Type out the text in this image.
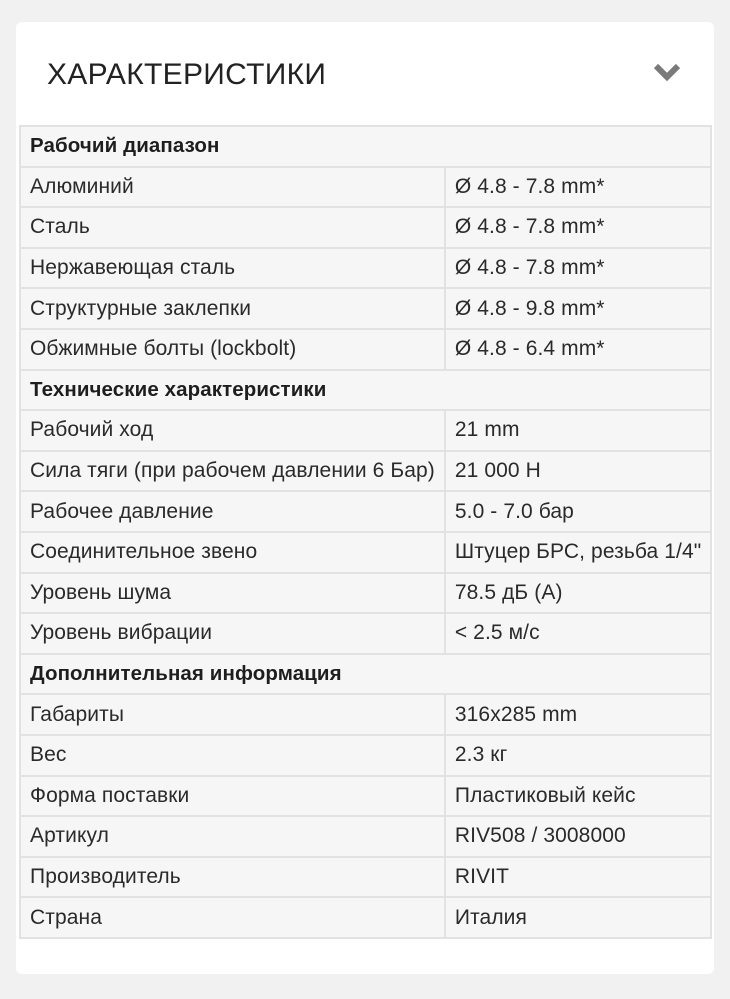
ХАРАКТЕРИСТИКИ
Рабочий диапазон	
Алюминий	Ø 4.8 - 7.8 mm*
Сталь	Ø 4.8 - 7.8 mm*
Нержавеющая сталь	Ø 4.8 - 7.8 mm*
Структурные заклепки	Ø 4.8 - 9.8 mm*
Обжимные болты (lockbolt)	Ø 4.8 - 6.4 mm*
Технические характеристики	
Рабочий ход	21 mm
Сила тяги (при рабочем давлении 6 Бар)	21 000 Н
Рабочее давление	5.0 - 7.0 бар
Соединительное звено	Штуцер БРС, резьба 1/4"
Уровень шума	78.5 дБ (А)
Уровень вибрации	< 2.5 м/с
Дополнительная информация	
Габариты	316x285 mm
Вес	2.3 кг
Форма поставки	Пластиковый кейс
Артикул	RIV508 / 3008000
Производитель	RIVIT
Страна	Италия
